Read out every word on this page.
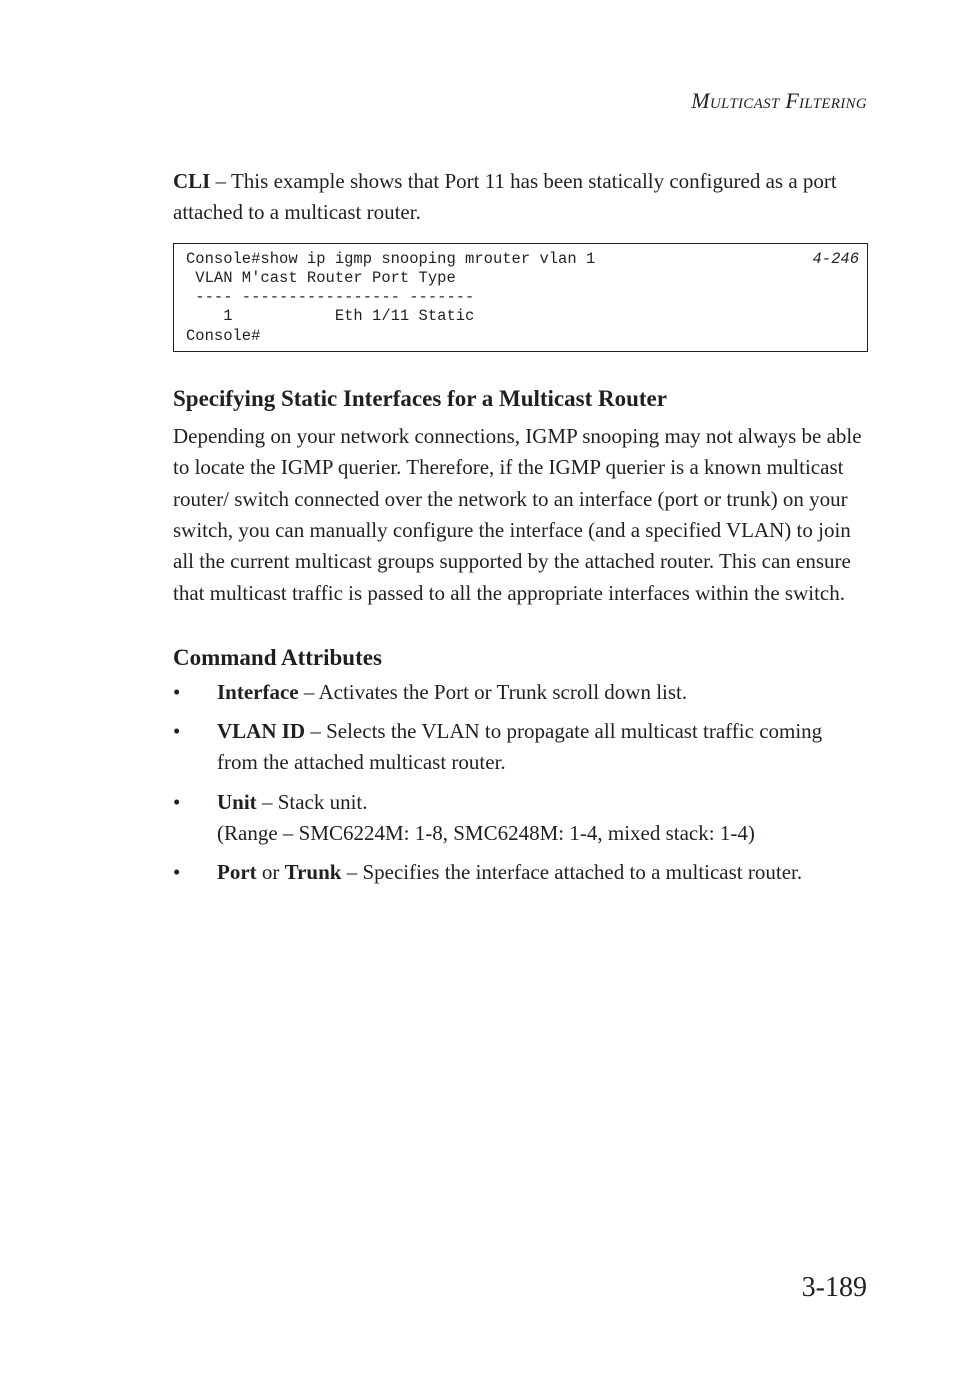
Multicast Filtering

CLI – This example shows that Port 11 has been statically configured as a port attached to a multicast router.

4-246
Console#show ip igmp snooping mrouter vlan 1
VLAN M'cast Router Port Type
---- ----------------- -------
1           Eth 1/11 Static
Console#
Specifying Static Interfaces for a Multicast Router

Depending on your network connections, IGMP snooping may not always be able to locate the IGMP querier. Therefore, if the IGMP querier is a known multicast router/ switch connected over the network to an interface (port or trunk) on your switch, you can manually configure the interface (and a specified VLAN) to join all the current multicast groups supported by the attached router. This can ensure that multicast traffic is passed to all the appropriate interfaces within the switch.

Command Attributes
• Interface – Activates the Port or Trunk scroll down list.
• VLAN ID – Selects the VLAN to propagate all multicast traffic coming from the attached multicast router.
• Unit – Stack unit.
(Range – SMC6224M: 1-8, SMC6248M: 1-4, mixed stack: 1-4)
• Port or Trunk – Specifies the interface attached to a multicast router.
3-189
